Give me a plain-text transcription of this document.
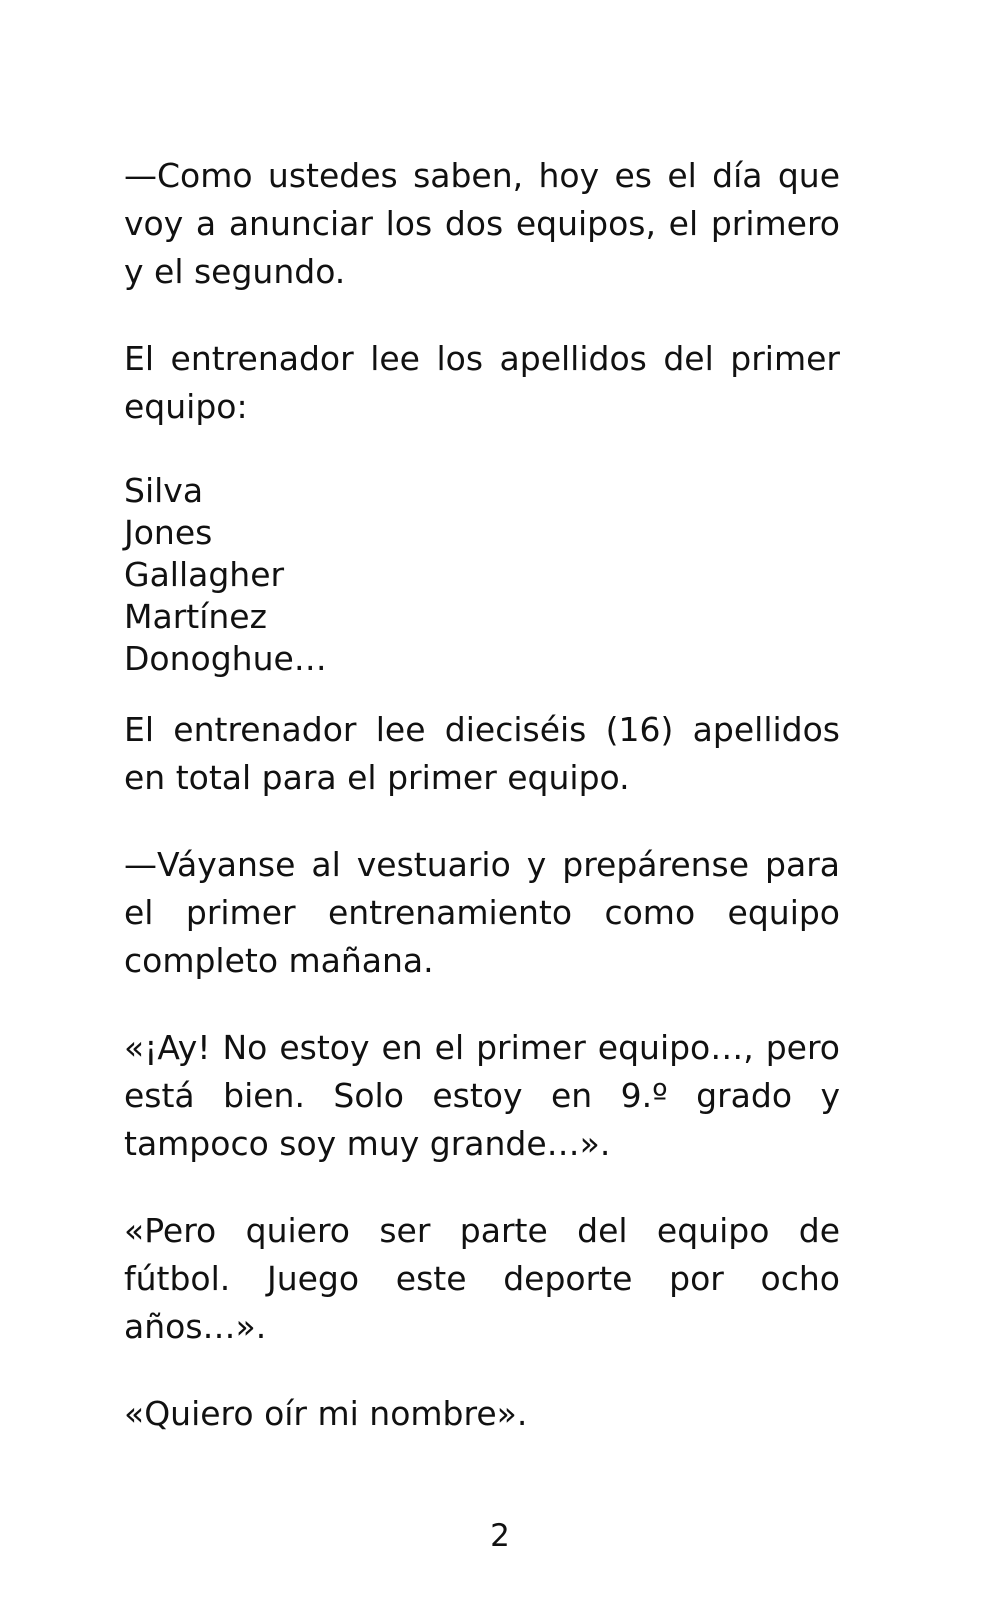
—Como ustedes saben, hoy es el día que voy a anunciar los dos equipos, el primero y el segundo.

El entrenador lee los apellidos del primer equipo:

Silva
Jones
Gallagher
Martínez
Donoghue…

El entrenador lee dieciséis (16) apellidos en total para el primer equipo.

—Váyanse al vestuario y prepárense para el primer entrenamiento como equipo completo mañana.

«¡Ay! No estoy en el primer equipo…, pero está bien. Solo estoy en 9.º grado y tampoco soy muy grande…».

«Pero quiero ser parte del equipo de fútbol. Juego este deporte por ocho años…».

«Quiero oír mi nombre».

2
